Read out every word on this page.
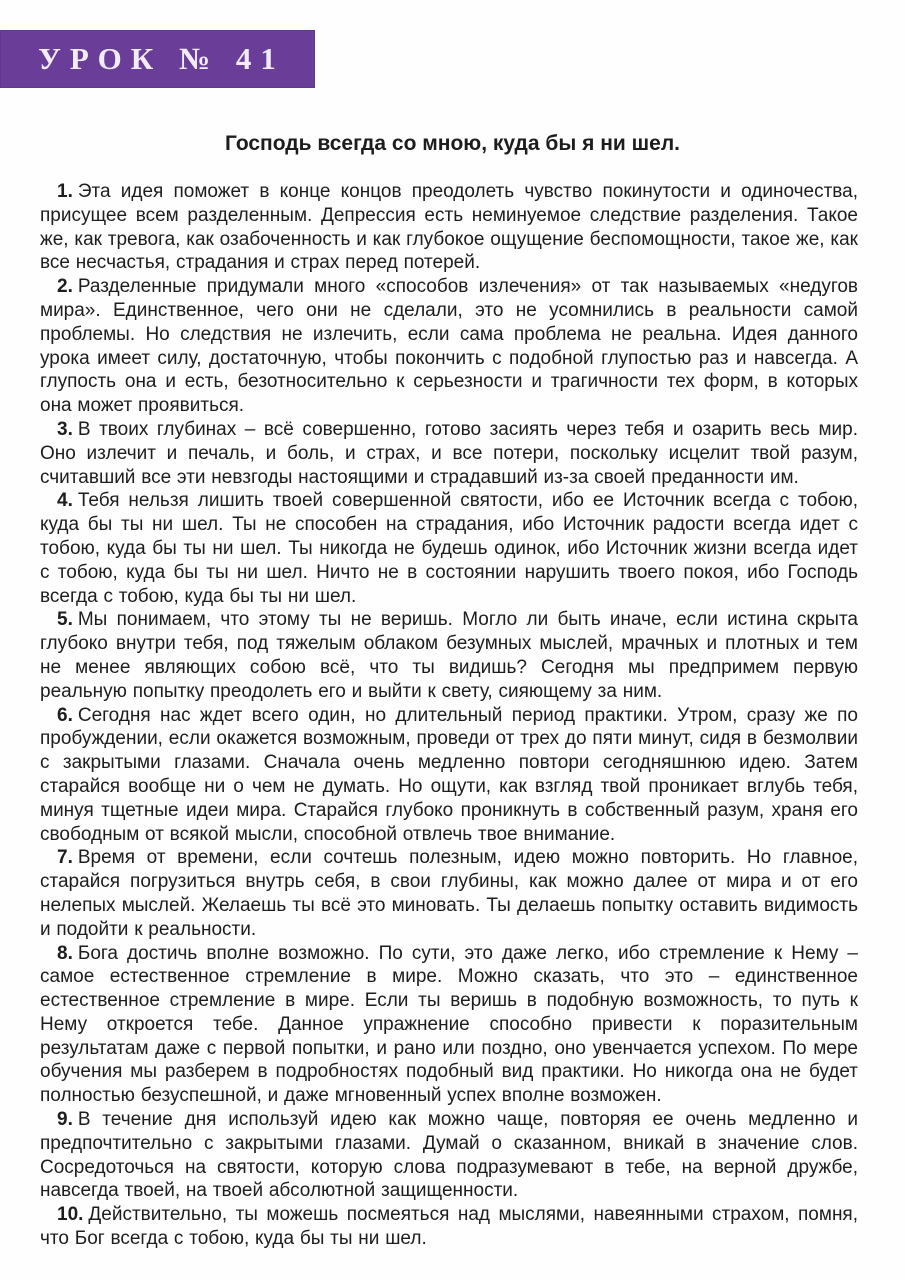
УРОК № 41
Господь всегда со мною, куда бы я ни шел.

1. Эта идея поможет в конце концов преодолеть чувство покинутости и одиночества, присущее всем разделенным. Депрессия есть неминуемое следствие разделения. Такое же, как тревога, как озабоченность и как глубокое ощущение беспомощности, такое же, как все несчастья, страдания и страх перед потерей.

2. Разделенные придумали много «способов излечения» от так называемых «недугов мира». Единственное, чего они не сделали, это не усомнились в реальности самой проблемы. Но следствия не излечить, если сама проблема не реальна. Идея данного урока имеет силу, достаточную, чтобы покончить с подобной глупостью раз и навсегда. А глупость она и есть, безотносительно к серьезности и трагичности тех форм, в которых она может проявиться.

3. В твоих глубинах – всё совершенно, готово засиять через тебя и озарить весь мир. Оно излечит и печаль, и боль, и страх, и все потери, поскольку исцелит твой разум, считавший все эти невзгоды настоящими и страдавший из-за своей преданности им.

4. Тебя нельзя лишить твоей совершенной святости, ибо ее Источник всегда с тобою, куда бы ты ни шел. Ты не способен на страдания, ибо Источник радости всегда идет с тобою, куда бы ты ни шел. Ты никогда не будешь одинок, ибо Источник жизни всегда идет с тобою, куда бы ты ни шел. Ничто не в состоянии нарушить твоего покоя, ибо Господь всегда с тобою, куда бы ты ни шел.

5. Мы понимаем, что этому ты не веришь. Могло ли быть иначе, если истина скрыта глубоко внутри тебя, под тяжелым облаком безумных мыслей, мрачных и плотных и тем не менее являющих собою всё, что ты видишь? Сегодня мы предпримем первую реальную попытку преодолеть его и выйти к свету, сияющему за ним.

6. Сегодня нас ждет всего один, но длительный период практики. Утром, сразу же по пробуждении, если окажется возможным, проведи от трех до пяти минут, сидя в безмолвии с закрытыми глазами. Сначала очень медленно повтори сегодняшнюю идею. Затем старайся вообще ни о чем не думать. Но ощути, как взгляд твой проникает вглубь тебя, минуя тщетные идеи мира. Старайся глубоко проникнуть в собственный разум, храня его свободным от всякой мысли, способной отвлечь твое внимание.

7. Время от времени, если сочтешь полезным, идею можно повторить. Но главное, старайся погрузиться внутрь себя, в свои глубины, как можно далее от мира и от его нелепых мыслей. Желаешь ты всё это миновать. Ты делаешь попытку оставить видимость и подойти к реальности.

8. Бога достичь вполне возможно. По сути, это даже легко, ибо стремление к Нему – самое естественное стремление в мире. Можно сказать, что это – единственное естественное стремление в мире. Если ты веришь в подобную возможность, то путь к Нему откроется тебе. Данное упражнение способно привести к поразительным результатам даже с первой попытки, и рано или поздно, оно увенчается успехом. По мере обучения мы разберем в подробностях подобный вид практики. Но никогда она не будет полностью безуспешной, и даже мгновенный успех вполне возможен.

9. В течение дня используй идею как можно чаще, повторяя ее очень медленно и предпочтительно с закрытыми глазами. Думай о сказанном, вникай в значение слов. Сосредоточься на святости, которую слова подразумевают в тебе, на верной дружбе, навсегда твоей, на твоей абсолютной защищенности.

10. Действительно, ты можешь посмеяться над мыслями, навеянными страхом, помня, что Бог всегда с тобою, куда бы ты ни шел.
